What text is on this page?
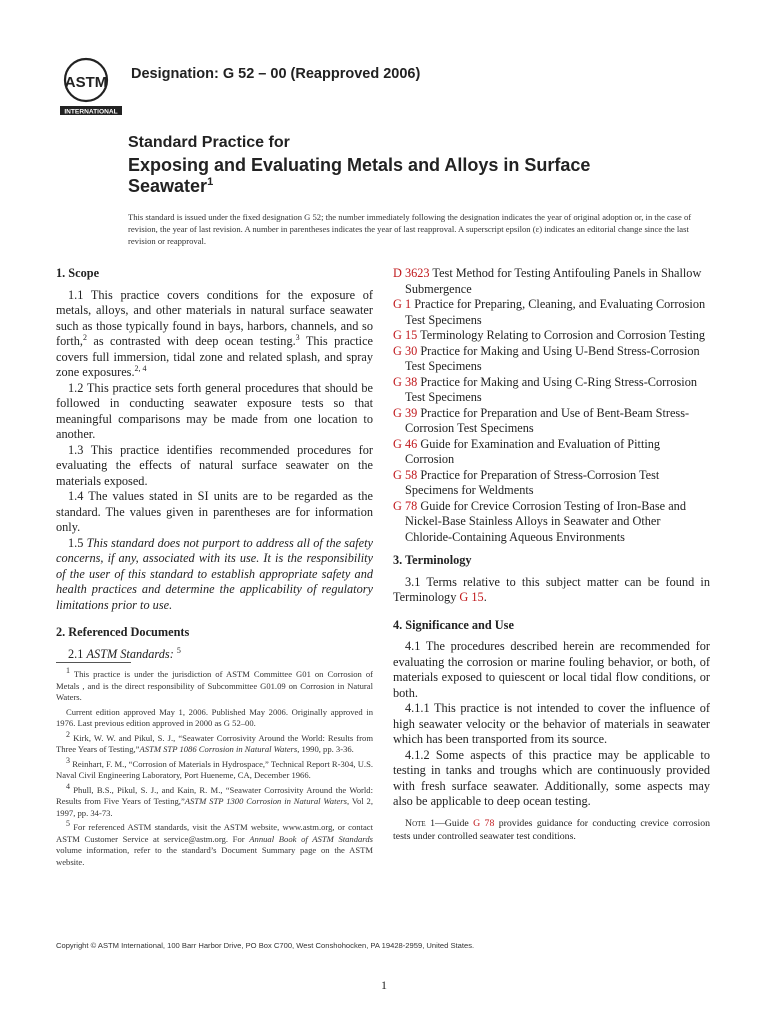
ASTM
INTERNATIONAL
Designation: G 52 – 00 (Reapproved 2006)
Standard Practice for
Exposing and Evaluating Metals and Alloys in Surface
Seawater$^1$
This standard is issued under the fixed designation G 52; the number immediately following the designation indicates the year of original adoption or, in the case of revision, the year of last revision. A number in parentheses indicates the year of last reapproval. A superscript epsilon (ε) indicates an editorial change since the last revision or reapproval.
1. Scope

1.1 This practice covers conditions for the exposure of metals, alloys, and other materials in natural surface seawater such as those typically found in bays, harbors, channels, and so forth,$^2$ as contrasted with deep ocean testing.$^3$ This practice covers full immersion, tidal zone and related splash, and spray zone exposures.$^{2, 4}$

1.2 This practice sets forth general procedures that should be followed in conducting seawater exposure tests so that meaningful comparisons may be made from one location to another.

1.3 This practice identifies recommended procedures for evaluating the effects of natural surface seawater on the materials exposed.

1.4 The values stated in SI units are to be regarded as the standard. The values given in parentheses are for information only.

1.5 This standard does not purport to address all of the safety concerns, if any, associated with its use. It is the responsibility of the user of this standard to establish appropriate safety and health practices and determine the applicability of regulatory limitations prior to use.

2. Referenced Documents

2.1 ASTM Standards: $^5$

D 3623 Test Method for Testing Antifouling Panels in Shallow Submergence

G 1 Practice for Preparing, Cleaning, and Evaluating Corrosion Test Specimens

G 15 Terminology Relating to Corrosion and Corrosion Testing

G 30 Practice for Making and Using U-Bend Stress-Corrosion Test Specimens

G 38 Practice for Making and Using C-Ring Stress-Corrosion Test Specimens

G 39 Practice for Preparation and Use of Bent-Beam Stress-Corrosion Test Specimens

G 46 Guide for Examination and Evaluation of Pitting Corrosion

G 58 Practice for Preparation of Stress-Corrosion Test Specimens for Weldments

G 78 Guide for Crevice Corrosion Testing of Iron-Base and Nickel-Base Stainless Alloys in Seawater and Other Chloride-Containing Aqueous Environments

3. Terminology

3.1 Terms relative to this subject matter can be found in Terminology G 15.

4. Significance and Use

4.1 The procedures described herein are recommended for evaluating the corrosion or marine fouling behavior, or both, of materials exposed to quiescent or local tidal flow conditions, or both.

4.1.1 This practice is not intended to cover the influence of high seawater velocity or the behavior of materials in seawater which has been transported from its source.

4.1.2 Some aspects of this practice may be applicable to testing in tanks and troughs which are continuously provided with fresh surface seawater. Additionally, some aspects may also be applicable to deep ocean testing.

Note 1—Guide G 78 provides guidance for conducting crevice corrosion tests under controlled seawater test conditions.

$^1$ This practice is under the jurisdiction of ASTM Committee G01 on Corrosion of Metals , and is the direct responsibility of Subcommittee G01.09 on Corrosion in Natural Waters.

Current edition approved May 1, 2006. Published May 2006. Originally approved in 1976. Last previous edition approved in 2000 as G 52–00.

$^2$ Kirk, W. W. and Pikul, S. J., “Seawater Corrosivity Around the World: Results from Three Years of Testing,”ASTM STP 1086 Corrosion in Natural Waters, 1990, pp. 3-36.

$^3$ Reinhart, F. M., “Corrosion of Materials in Hydrospace,” Technical Report R-304, U.S. Naval Civil Engineering Laboratory, Port Hueneme, CA, December 1966.

$^4$ Phull, B.S., Pikul, S. J., and Kain, R. M., “Seawater Corrosivity Around the World: Results from Five Years of Testing,”ASTM STP 1300 Corrosion in Natural Waters, Vol 2, 1997, pp. 34-73.

$^5$ For referenced ASTM standards, visit the ASTM website, www.astm.org, or contact ASTM Customer Service at service@astm.org. For Annual Book of ASTM Standards volume information, refer to the standard’s Document Summary page on the ASTM website.

Copyright © ASTM International, 100 Barr Harbor Drive, PO Box C700, West Conshohocken, PA 19428-2959, United States.
1
